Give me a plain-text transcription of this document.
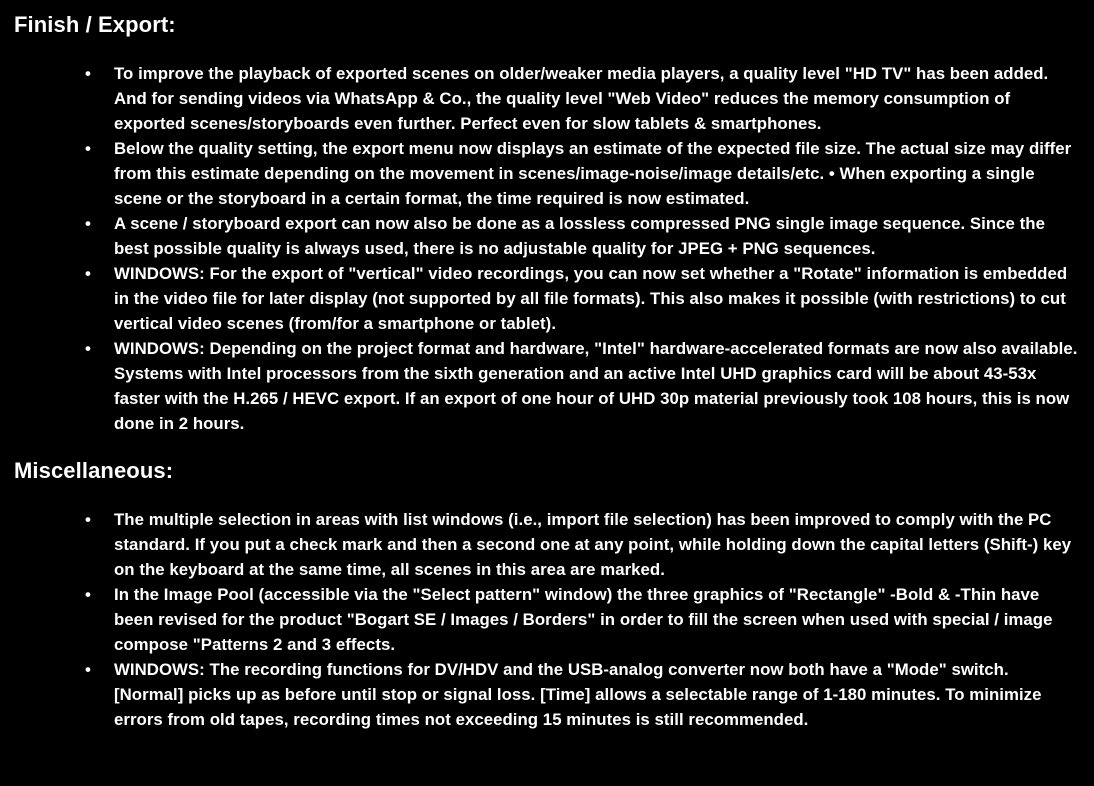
Finish / Export:
• To improve the playback of exported scenes on older/weaker media players, a quality level "HD TV" has been added. And for sending videos via WhatsApp & Co., the quality level "Web Video" reduces the memory consumption of exported scenes/storyboards even further. Perfect even for slow tablets & smartphones.
• Below the quality setting, the export menu now displays an estimate of the expected file size. The actual size may differ from this estimate depending on the movement in scenes/image-noise/image details/etc. • When exporting a single scene or the storyboard in a certain format, the time required is now estimated.
• A scene / storyboard export can now also be done as a lossless compressed PNG single image sequence. Since the best possible quality is always used, there is no adjustable quality for JPEG + PNG sequences.
• WINDOWS: For the export of "vertical" video recordings, you can now set whether a "Rotate" information is embedded in the video file for later display (not supported by all file formats). This also makes it possible (with restrictions) to cut vertical video scenes (from/for a smartphone or tablet).
• WINDOWS: Depending on the project format and hardware, "Intel" hardware-accelerated formats are now also available. Systems with Intel processors from the sixth generation and an active Intel UHD graphics card will be about 43-53x faster with the H.265 / HEVC export. If an export of one hour of UHD 30p material previously took 108 hours, this is now done in 2 hours.
Miscellaneous:
• The multiple selection in areas with list windows (i.e., import file selection) has been improved to comply with the PC standard. If you put a check mark and then a second one at any point, while holding down the capital letters (Shift-) key on the keyboard at the same time, all scenes in this area are marked.
• In the Image Pool (accessible via the "Select pattern" window) the three graphics of "Rectangle" -Bold & -Thin have been revised for the product "Bogart SE / Images / Borders" in order to fill the screen when used with special / image compose "Patterns 2 and 3 effects.
• WINDOWS: The recording functions for DV/HDV and the USB-analog converter now both have a "Mode" switch. [Normal] picks up as before until stop or signal loss. [Time] allows a selectable range of 1-180 minutes. To minimize errors from old tapes, recording times not exceeding 15 minutes is still recommended.
